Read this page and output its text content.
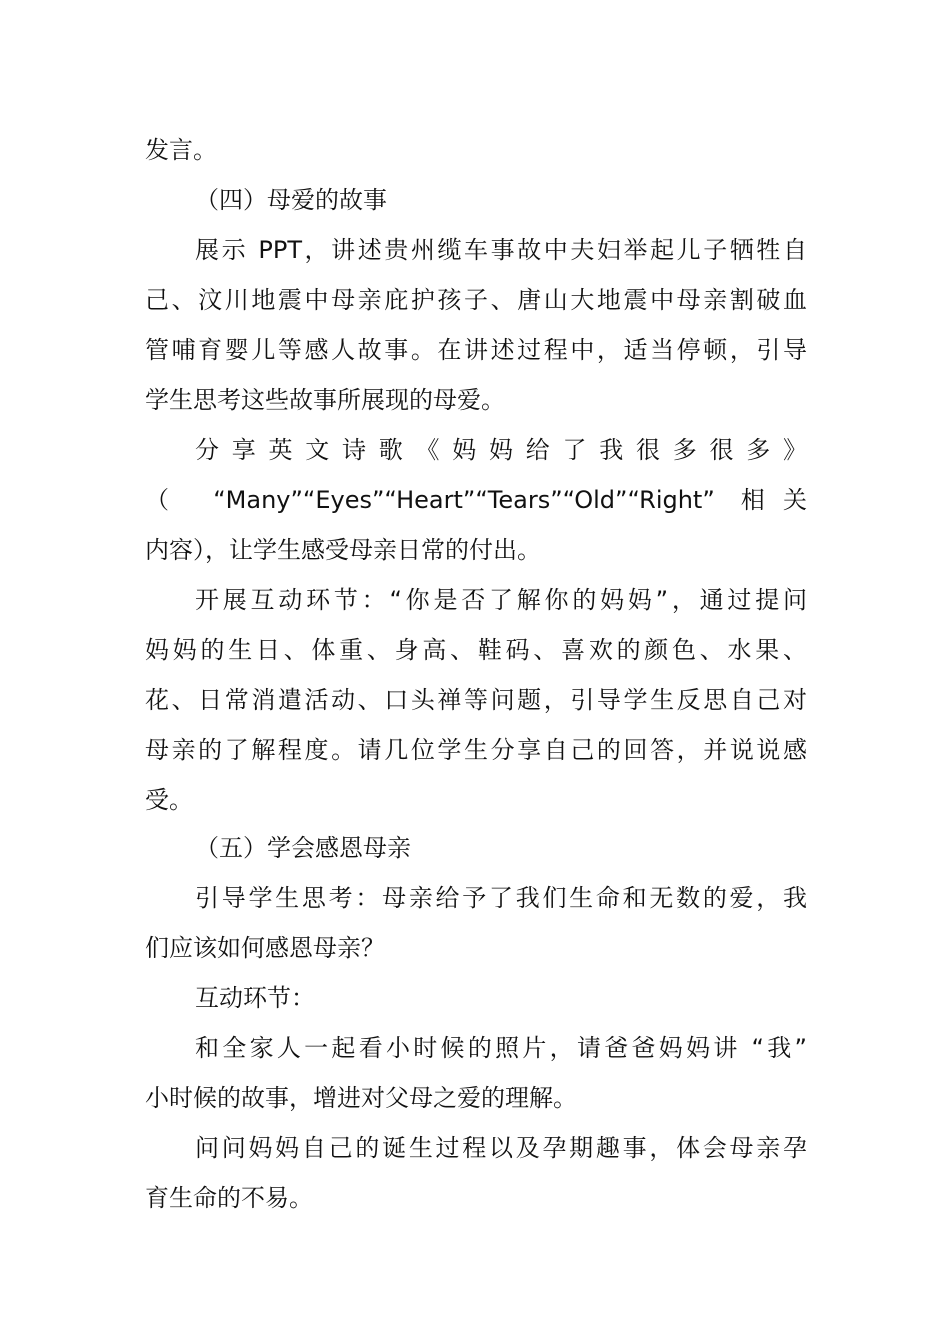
发言。
（四）母爱的故事
展示 PPT，讲述贵州缆车事故中夫妇举起儿子牺牲自
己、汶川地震中母亲庇护孩子、唐山大地震中母亲割破血
管哺育婴儿等感人故事。在讲述过程中，适当停顿，引导
学生思考这些故事所展现的母爱。
分 享 英 文 诗 歌 《 妈 妈 给 了 我 很 多 很 多 》
（ “Many”“Eyes”“Heart”“Tears”“Old”“Right” 相关
内容），让学生感受母亲日常的付出。
开展互动环节：“你是否了解你的妈妈”，通过提问
妈妈的生日、体重、身高、鞋码、喜欢的颜色、水果、
花、日常消遣活动、口头禅等问题，引导学生反思自己对
母亲的了解程度。请几位学生分享自己的回答，并说说感
受。
（五）学会感恩母亲
引导学生思考：母亲给予了我们生命和无数的爱，我
们应该如何感恩母亲？
互动环节：
和全家人一起看小时候的照片，请爸爸妈妈讲 “我”
小时候的故事，增进对父母之爱的理解。
问问妈妈自己的诞生过程以及孕期趣事，体会母亲孕
育生命的不易。
